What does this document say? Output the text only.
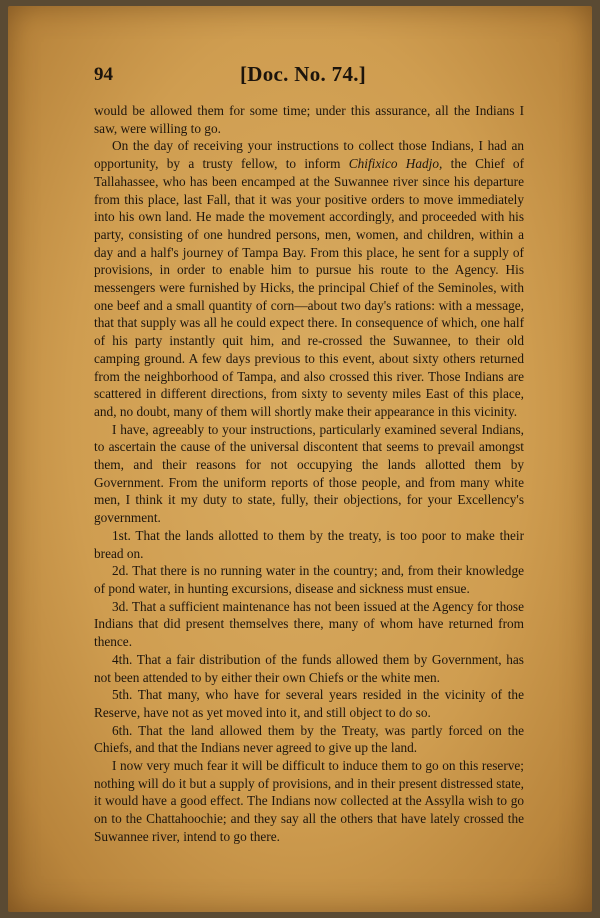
94	[Doc. No. 74.]

would be allowed them for some time; under this assurance, all the Indians I saw, were willing to go.

On the day of receiving your instructions to collect those Indians, I had an opportunity, by a trusty fellow, to inform Chifixico Hadjo, the Chief of Tallahassee, who has been encamped at the Suwannee river since his departure from this place, last Fall, that it was your positive orders to move immediately into his own land. He made the movement accordingly, and proceeded with his party, consisting of one hundred persons, men, women, and children, within a day and a half's journey of Tampa Bay. From this place, he sent for a supply of provisions, in order to enable him to pursue his route to the Agency. His messengers were furnished by Hicks, the principal Chief of the Seminoles, with one beef and a small quantity of corn—about two day's rations: with a message, that that supply was all he could expect there. In consequence of which, one half of his party instantly quit him, and re-crossed the Suwannee, to their old camping ground. A few days previous to this event, about sixty others returned from the neighborhood of Tampa, and also crossed this river. Those Indians are scattered in different directions, from sixty to seventy miles East of this place, and, no doubt, many of them will shortly make their appearance in this vicinity.

I have, agreeably to your instructions, particularly examined several Indians, to ascertain the cause of the universal discontent that seems to prevail amongst them, and their reasons for not occupying the lands allotted them by Government. From the uniform reports of those people, and from many white men, I think it my duty to state, fully, their objections, for your Excellency's government.

1st. That the lands allotted to them by the treaty, is too poor to make their bread on.

2d. That there is no running water in the country; and, from their knowledge of pond water, in hunting excursions, disease and sickness must ensue.

3d. That a sufficient maintenance has not been issued at the Agency for those Indians that did present themselves there, many of whom have returned from thence.

4th. That a fair distribution of the funds allowed them by Government, has not been attended to by either their own Chiefs or the white men.

5th. That many, who have for several years resided in the vicinity of the Reserve, have not as yet moved into it, and still object to do so.

6th. That the land allowed them by the Treaty, was partly forced on the Chiefs, and that the Indians never agreed to give up the land.

I now very much fear it will be difficult to induce them to go on this reserve; nothing will do it but a supply of provisions, and in their present distressed state, it would have a good effect. The Indians now collected at the Assylla wish to go on to the Chattahoochie; and they say all the others that have lately crossed the Suwannee river, intend to go there.
